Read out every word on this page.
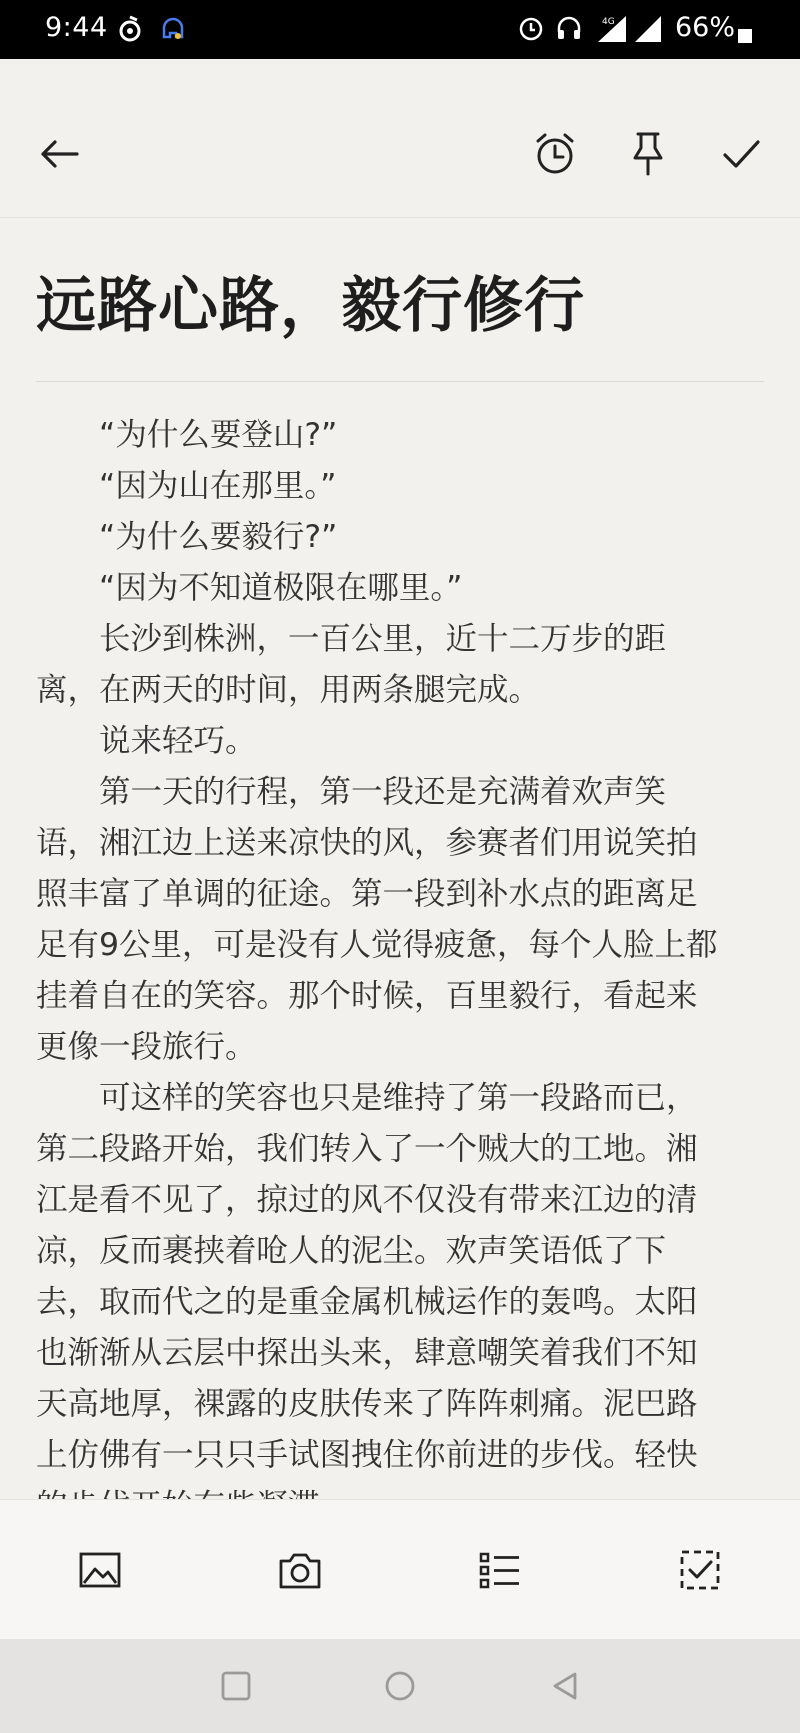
9:44	4G 66%
远路心路，毅行修行

　　“为什么要登山?”

　　“因为山在那里。”

　　“为什么要毅行?”

　　“因为不知道极限在哪里。”

　　长沙到株洲，一百公里，近十二万步的距

离，在两天的时间，用两条腿完成。

　　说来轻巧。

　　第一天的行程，第一段还是充满着欢声笑

语，湘江边上送来凉快的风，参赛者们用说笑拍

照丰富了单调的征途。第一段到补水点的距离足

足有9公里，可是没有人觉得疲惫，每个人脸上都

挂着自在的笑容。那个时候，百里毅行，看起来

更像一段旅行。

　　可这样的笑容也只是维持了第一段路而已，

第二段路开始，我们转入了一个贼大的工地。湘

江是看不见了，掠过的风不仅没有带来江边的清

凉，反而裹挟着呛人的泥尘。欢声笑语低了下

去，取而代之的是重金属机械运作的轰鸣。太阳

也渐渐从云层中探出头来，肆意嘲笑着我们不知

天高地厚，裸露的皮肤传来了阵阵刺痛。泥巴路

上仿佛有一只只手试图拽住你前进的步伐。轻快
